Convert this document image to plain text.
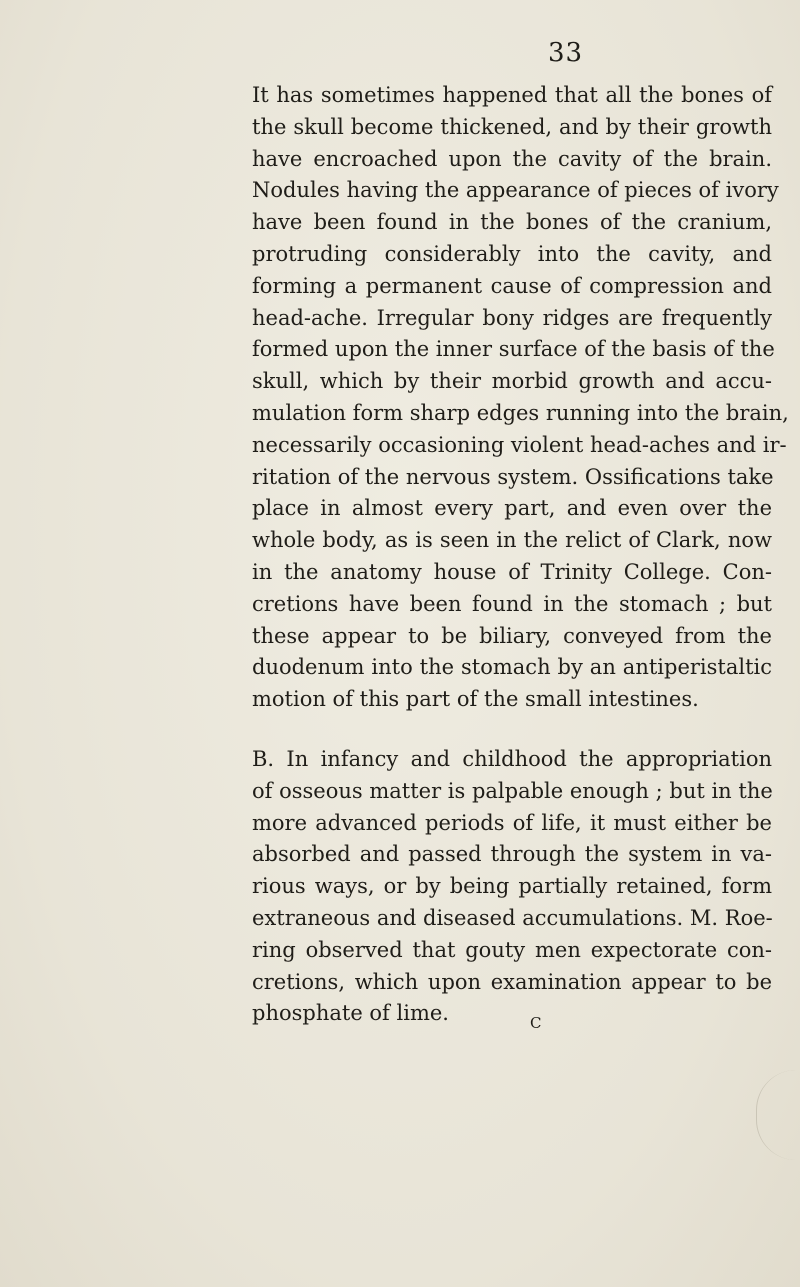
33
It has sometimes happened that all the bones of
the skull become thickened, and by their growth
have encroached upon the cavity of the brain.
Nodules having the appearance of pieces of ivory
have been found in the bones of the cranium,
protruding considerably into the cavity, and
forming a permanent cause of compression and
head-ache. Irregular bony ridges are frequently
formed upon the inner surface of the basis of the
skull, which by their morbid growth and accu-
mulation form sharp edges running into the brain,
necessarily occasioning violent head-aches and ir-
ritation of the nervous system. Ossifications take
place in almost every part, and even over the
whole body, as is seen in the relict of Clark, now
in the anatomy house of Trinity College. Con-
cretions have been found in the stomach ; but
these appear to be biliary, conveyed from the
duodenum into the stomach by an antiperistaltic
motion of this part of the small intestines.
B. In infancy and childhood the appropriation
of osseous matter is palpable enough ; but in the
more advanced periods of life, it must either be
absorbed and passed through the system in va-
rious ways, or by being partially retained, form
extraneous and diseased accumulations. M. Roe-
ring observed that gouty men expectorate con-
cretions, which upon examination appear to be
phosphate of lime.	C
